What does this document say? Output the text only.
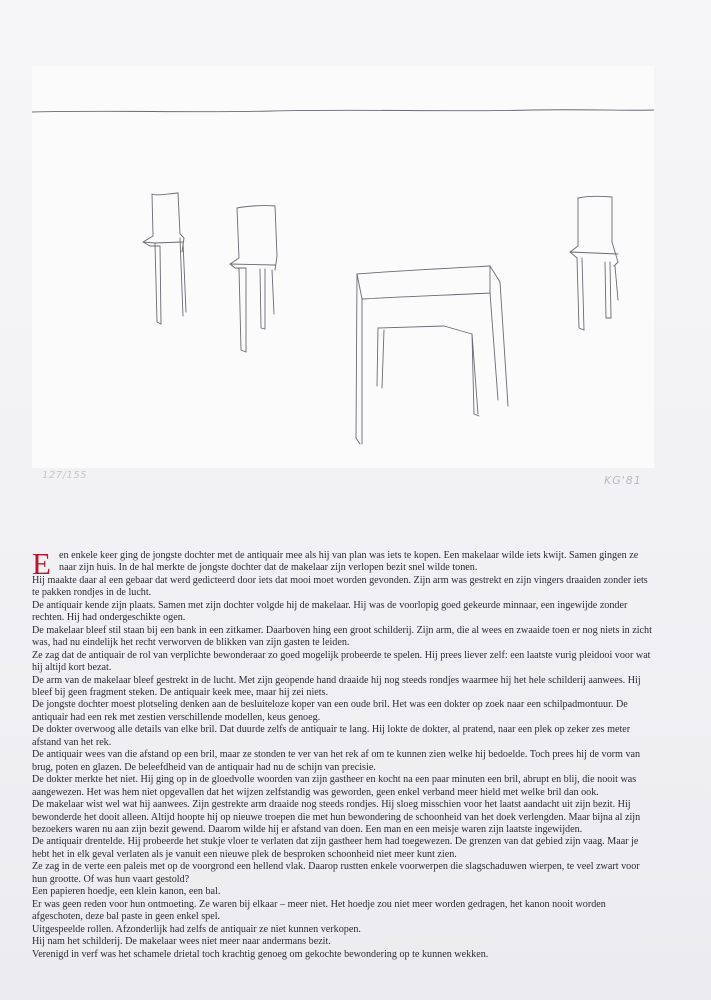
127/155	KG'81

E en enkele keer ging de jongste dochter met de antiquair mee als hij van plan was iets te kopen. Een makelaar wilde iets kwijt. Samen gingen ze naar zijn huis. In de hal merkte de jongste dochter dat de makelaar zijn verlopen bezit snel wilde tonen.

Hij maakte daar al een gebaar dat werd gedicteerd door iets dat mooi moet worden gevonden. Zijn arm was gestrekt en zijn vingers draaiden zonder iets te pakken rondjes in de lucht.

De antiquair kende zijn plaats. Samen met zijn dochter volgde hij de makelaar. Hij was de voorlopig goed gekeurde minnaar, een ingewijde zonder rechten. Hij had ondergeschikte ogen.

De makelaar bleef stil staan bij een bank in een zitkamer. Daarboven hing een groot schilderij. Zijn arm, die al wees en zwaaide toen er nog niets in zicht was, had nu eindelijk het recht verworven de blikken van zijn gasten te leiden.

Ze zag dat de antiquair de rol van verplichte bewonderaar zo goed mogelijk probeerde te spelen. Hij prees liever zelf: een laatste vurig pleidooi voor wat hij altijd kort bezat.

De arm van de makelaar bleef gestrekt in de lucht. Met zijn geopende hand draaide hij nog steeds rondjes waarmee hij het hele schilderij aanwees. Hij bleef bij geen fragment steken. De antiquair keek mee, maar hij zei niets.

De jongste dochter moest plotseling denken aan de besluiteloze koper van een oude bril. Het was een dokter op zoek naar een schilpadmontuur. De antiquair had een rek met zestien verschillende modellen, keus genoeg.

De dokter overwoog alle details van elke bril. Dat duurde zelfs de antiquair te lang. Hij lokte de dokter, al pratend, naar een plek op zeker zes meter afstand van het rek.

De antiquair wees van die afstand op een bril, maar ze stonden te ver van het rek af om te kunnen zien welke hij bedoelde. Toch prees hij de vorm van brug, poten en glazen. De beleefdheid van de antiquair had nu de schijn van precisie.

De dokter merkte het niet. Hij ging op in de gloedvolle woorden van zijn gastheer en kocht na een paar minuten een bril, abrupt en blij, die nooit was aangewezen. Het was hem niet opgevallen dat het wijzen zelfstandig was geworden, geen enkel verband meer hield met welke bril dan ook.

De makelaar wist wel wat hij aanwees. Zijn gestrekte arm draaide nog steeds rondjes. Hij sloeg misschien voor het laatst aandacht uit zijn bezit. Hij bewonderde het dooit alleen. Altijd hoopte hij op nieuwe troepen die met hun bewondering de schoonheid van het doek verlengden. Maar bijna al zijn bezoekers waren nu aan zijn bezit gewend. Daarom wilde hij er afstand van doen. Een man en een meisje waren zijn laatste ingewijden.

De antiquair drentelde. Hij probeerde het stukje vloer te verlaten dat zijn gastheer hem had toegewezen. De grenzen van dat gebied zijn vaag. Maar je hebt het in elk geval verlaten als je vanuit een nieuwe plek de besproken schoonheid niet meer kunt zien.

Ze zag in de verte een paleis met op de voorgrond een hellend vlak. Daarop rustten enkele voorwerpen die slagschaduwen wierpen, te veel zwart voor hun grootte. Of was hun vaart gestold?

Een papieren hoedje, een klein kanon, een bal.

Er was geen reden voor hun ontmoeting. Ze waren bij elkaar – meer niet. Het hoedje zou niet meer worden gedragen, het kanon nooit worden afgeschoten, deze bal paste in geen enkel spel.

Uitgespeelde rollen. Afzonderlijk had zelfs de antiquair ze niet kunnen verkopen.

Hij nam het schilderij. De makelaar wees niet meer naar andermans bezit.

Verenigd in verf was het schamele drietal toch krachtig genoeg om gekochte bewondering op te kunnen wekken.
